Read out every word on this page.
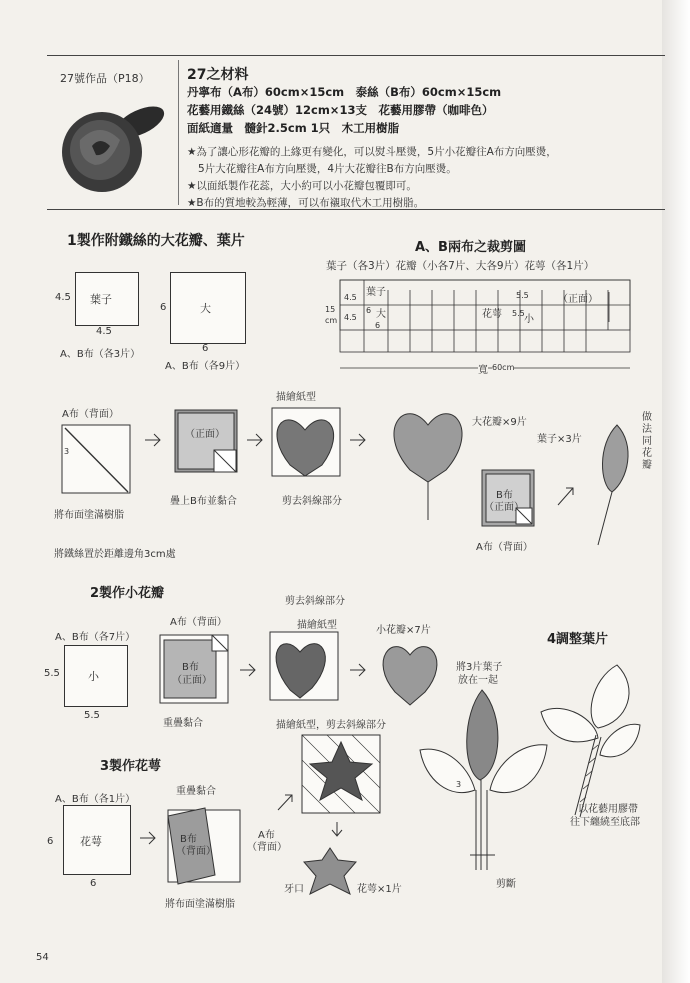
27號作品（P18）	27之材料
丹寧布（A布）60cm×15cm　泰絲（B布）60cm×15cm
花藝用鐵絲（24號）12cm×13支　花藝用膠帶（咖啡色）
面紙適量　髓針2.5cm 1只　木工用樹脂
★為了讓心形花瓣的上緣更有變化，可以熨斗壓燙，5片小花瓣往A布方向壓燙，
5片大花瓣往A布方向壓燙，4片大花瓣往B布方向壓燙。
★以面紙製作花蕊，大小約可以小花瓣包覆即可。
★B布的質地較為輕薄，可以布襯取代木工用樹脂。
1製作附鐵絲的大花瓣、葉片
葉子
4.5
4.5
A、B布（各3片）
大
6
6
A、B布（各9片）
A、B兩布之裁剪圖
葉子（各3片）花瓣（小各7片、大各9片）花萼（各1片）
4.5
4.5
葉子
6 大
6
15
cm
花萼
5.5
5.5
小
（正面）
寬 60cm
A布（背面）
3
將布面塗滿樹脂
將鐵絲置於距離邊角3cm處
（正面）
疊上B布並黏合
描繪紙型
剪去斜線部分
大花瓣×9片
葉子×3片
做法同花瓣
B布
（正面）
A布（背面）
2製作小花瓣
A、B布（各7片）
小
5.5
5.5
A布（背面）
B布
（正面）
重疊黏合
剪去斜線部分
描繪紙型	小花瓣×7片
3製作花萼
A、B布（各1片）
花萼
6
6
重疊黏合
B布
（背面）
A布
（背面）
將布面塗滿樹脂
描繪紙型，剪去斜線部分
牙口	花萼×1片
4調整葉片
將3片葉子
放在一起
3
剪斷
以花藝用膠帶
往下纏繞至底部
54
